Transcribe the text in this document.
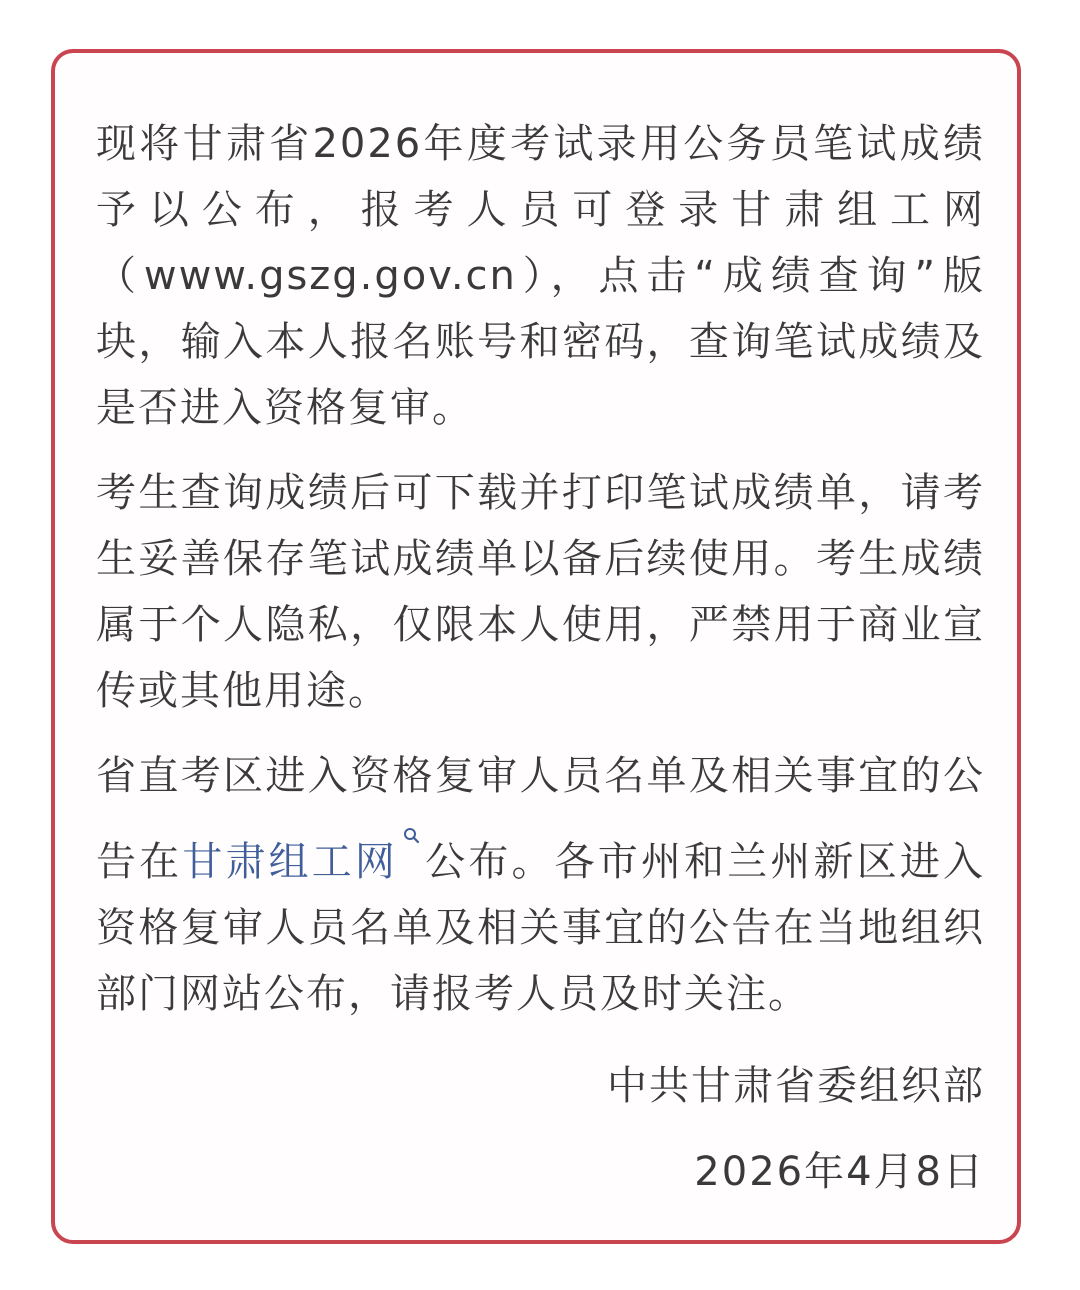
现将甘肃省2026年度考试录用公务员笔试成绩予以公布，报考人员可登录甘肃组工网（www.gszg.gov.cn），点击“成绩查询”版块，输入本人报名账号和密码，查询笔试成绩及是否进入资格复审。

考生查询成绩后可下载并打印笔试成绩单，请考生妥善保存笔试成绩单以备后续使用。考生成绩属于个人隐私，仅限本人使用，严禁用于商业宣传或其他用途。

省直考区进入资格复审人员名单及相关事宜的公告在甘肃组工网 公布。各市州和兰州新区进入资格复审人员名单及相关事宜的公告在当地组织部门网站公布，请报考人员及时关注。

中共甘肃省委组织部
2026年4月8日
